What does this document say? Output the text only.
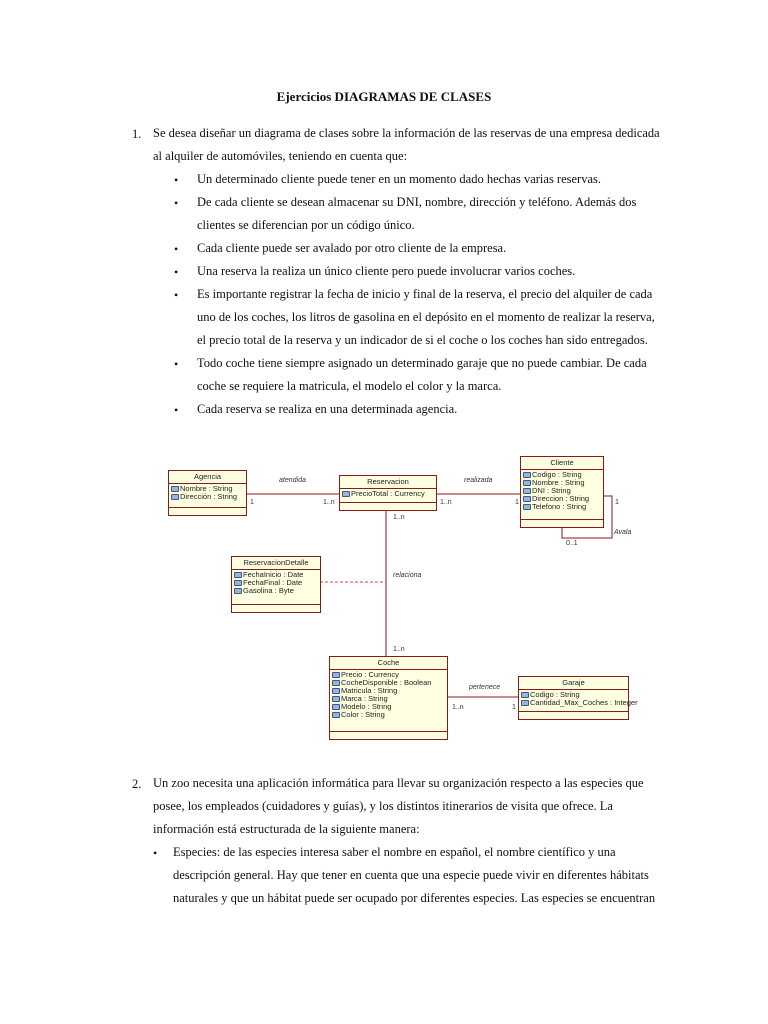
Ejercicios DIAGRAMAS DE CLASES
1. Se desea diseñar un diagrama de clases sobre la información de las reservas de una empresa dedicada
al alquiler de automóviles, teniendo en cuenta que:
• Un determinado cliente puede tener en un momento dado hechas varias reservas.
• De cada cliente se desean almacenar su DNI, nombre, dirección y teléfono. Además dos
clientes se diferencian por un código único.
• Cada cliente puede ser avalado por otro cliente de la empresa.
• Una reserva la realiza un único cliente pero puede involucrar varios coches.
• Es importante registrar la fecha de inicio y final de la reserva, el precio del alquiler de cada
uno de los coches, los litros de gasolina en el depósito en el momento de realizar la reserva,
el precio total de la reserva y un indicador de si el coche o los coches han sido entregados.
• Todo coche tiene siempre asignado un determinado garaje que no puede cambiar. De cada
coche se requiere la matricula, el modelo el color y la marca.
• Cada reserva se realiza en una determinada agencia.
Agencia
Nombre : String
Dirección : String
Reservacion
PrecioTotal : Currency
Cliente
Codigo : String
Nombre : String
DNI : String
Direccion : String
Telefono : String
ReservacionDetalle
FechaInicio : Date
FechaFinal : Date
Gasolina : Byte
Coche
Precio : Currency
CocheDisponible : Boolean
Matricula : String
Marca : String
Modelo : String
Color : String
Garaje
Codigo : String
Cantidad_Max_Coches : Integer
atendida	realizada
relaciona
pertenece
Avala
1	1..n	1..n	1	1
0..1
1..n
1..n
1..n	1
2. Un zoo necesita una aplicación informática para llevar su organización respecto a las especies que
posee, los empleados (cuidadores y guías), y los distintos itinerarios de visita que ofrece. La
información está estructurada de la siguiente manera:
• Especies: de las especies interesa saber el nombre en español, el nombre científico y una
descripción general. Hay que tener en cuenta que una especie puede vivir en diferentes hábitats
naturales y que un hábitat puede ser ocupado por diferentes especies. Las especies se encuentran
